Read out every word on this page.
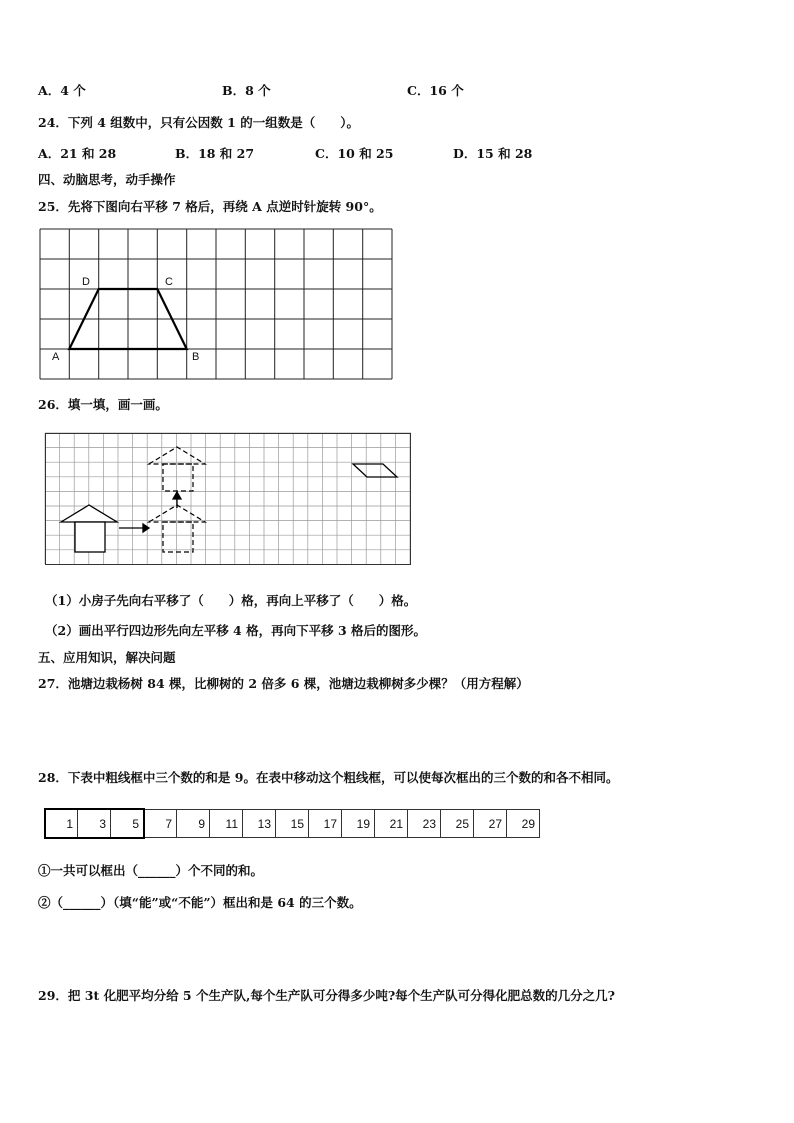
A．4 个	B．8 个	C．16 个
24．下列 4 组数中，只有公因数 1 的一组数是（　　）。
A．21 和 28	B．18 和 27	C．10 和 25	D．15 和 28
四、动脑思考，动手操作
25．先将下图向右平移 7 格后，再绕 A 点逆时针旋转 90°。
A	B
C
D
26．填一填，画一画。
（1）小房子先向右平移了（　　）格，再向上平移了（　　）格。
（2）画出平行四边形先向左平移 4 格，再向下平移 3 格后的图形。
五、应用知识，解决问题
27．池塘边栽杨树 84 棵，比柳树的 2 倍多 6 棵，池塘边栽柳树多少棵？（用方程解）
28．下表中粗线框中三个数的和是 9。在表中移动这个粗线框，可以使每次框出的三个数的和各不相同。
1	3	5	7	9	11	13	15	17	19	21	23	25	27	29
①一共可以框出（______）个不同的和。
②（______）（填“能”或“不能”）框出和是 64 的三个数。
29．把 3t 化肥平均分给 5 个生产队,每个生产队可分得多少吨?每个生产队可分得化肥总数的几分之几?
